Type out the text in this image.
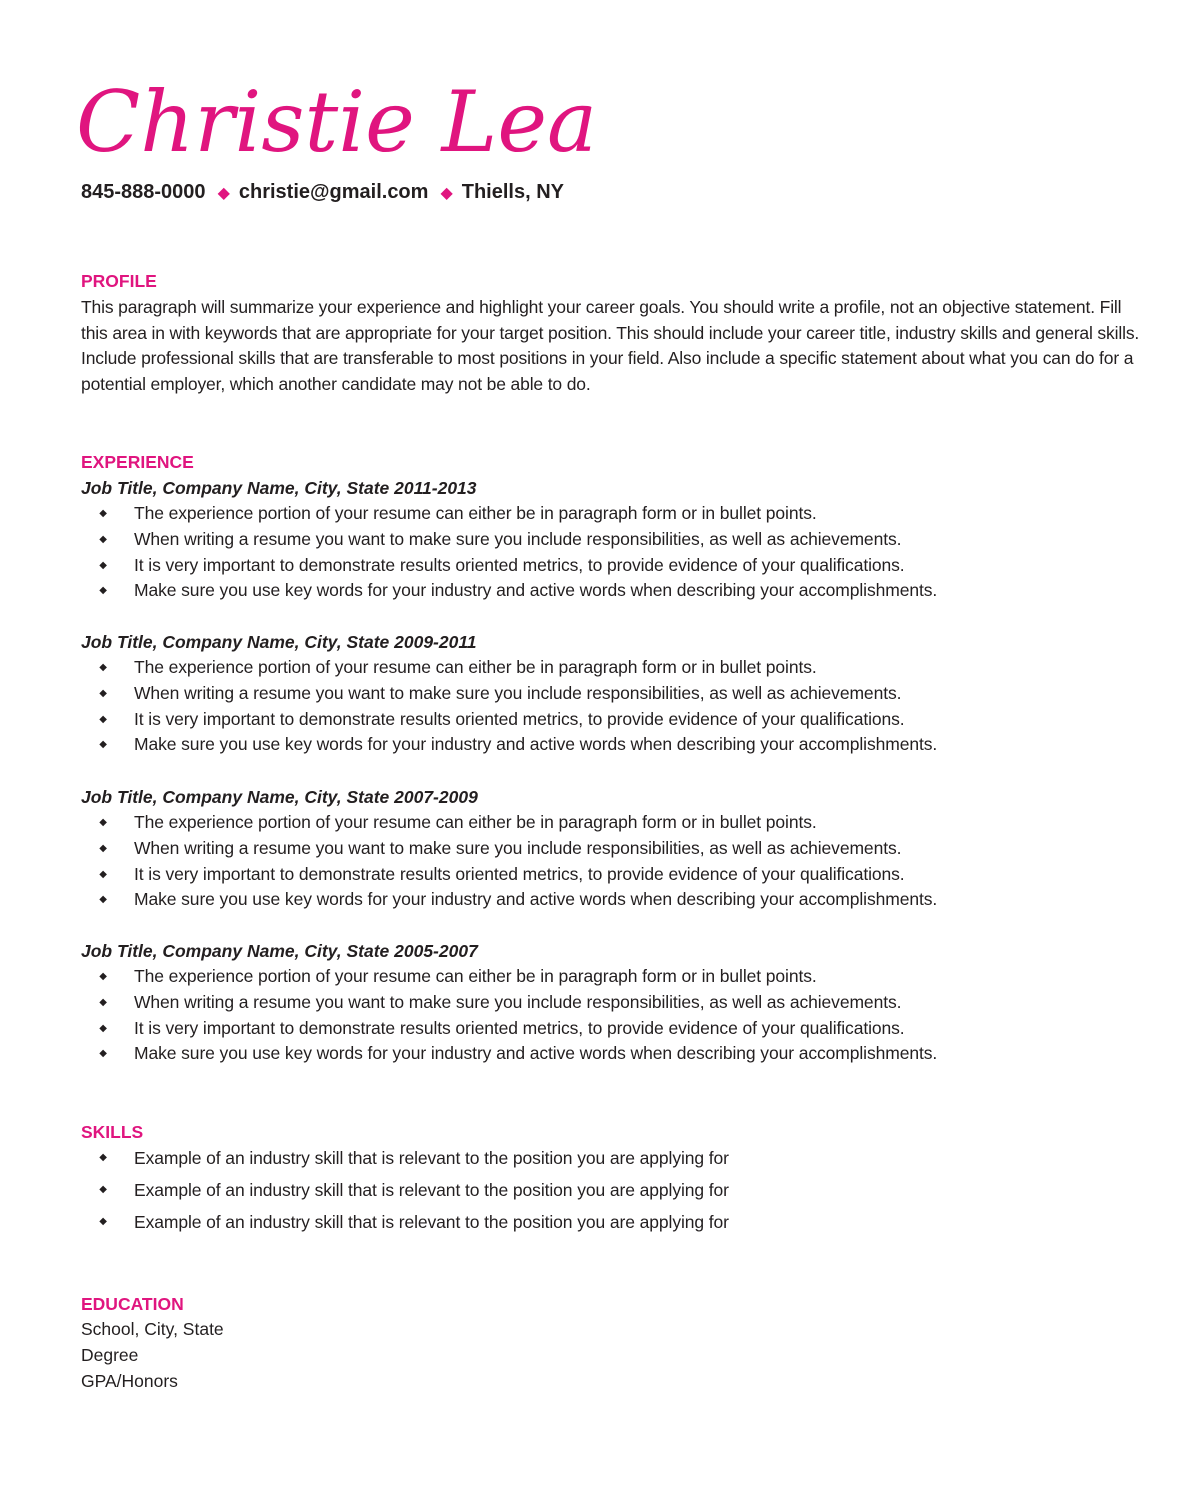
Christie Lea
845-888-0000 ◆ christie@gmail.com ◆ Thiells, NY
PROFILE
This paragraph will summarize your experience and highlight your career goals. You should write a profile, not an objective statement. Fill this area in with keywords that are appropriate for your target position. This should include your career title, industry skills and general skills. Include professional skills that are transferable to most positions in your field. Also include a specific statement about what you can do for a potential employer, which another candidate may not be able to do.
EXPERIENCE
Job Title, Company Name, City, State 2011-2013
◆ The experience portion of your resume can either be in paragraph form or in bullet points.
◆ When writing a resume you want to make sure you include responsibilities, as well as achievements.
◆ It is very important to demonstrate results oriented metrics, to provide evidence of your qualifications.
◆ Make sure you use key words for your industry and active words when describing your accomplishments.
Job Title, Company Name, City, State 2009-2011
◆ The experience portion of your resume can either be in paragraph form or in bullet points.
◆ When writing a resume you want to make sure you include responsibilities, as well as achievements.
◆ It is very important to demonstrate results oriented metrics, to provide evidence of your qualifications.
◆ Make sure you use key words for your industry and active words when describing your accomplishments.
Job Title, Company Name, City, State 2007-2009
◆ The experience portion of your resume can either be in paragraph form or in bullet points.
◆ When writing a resume you want to make sure you include responsibilities, as well as achievements.
◆ It is very important to demonstrate results oriented metrics, to provide evidence of your qualifications.
◆ Make sure you use key words for your industry and active words when describing your accomplishments.
Job Title, Company Name, City, State 2005-2007
◆ The experience portion of your resume can either be in paragraph form or in bullet points.
◆ When writing a resume you want to make sure you include responsibilities, as well as achievements.
◆ It is very important to demonstrate results oriented metrics, to provide evidence of your qualifications.
◆ Make sure you use key words for your industry and active words when describing your accomplishments.
SKILLS
◆ Example of an industry skill that is relevant to the position you are applying for
◆ Example of an industry skill that is relevant to the position you are applying for
◆ Example of an industry skill that is relevant to the position you are applying for
EDUCATION
School, City, State
Degree
GPA/Honors
